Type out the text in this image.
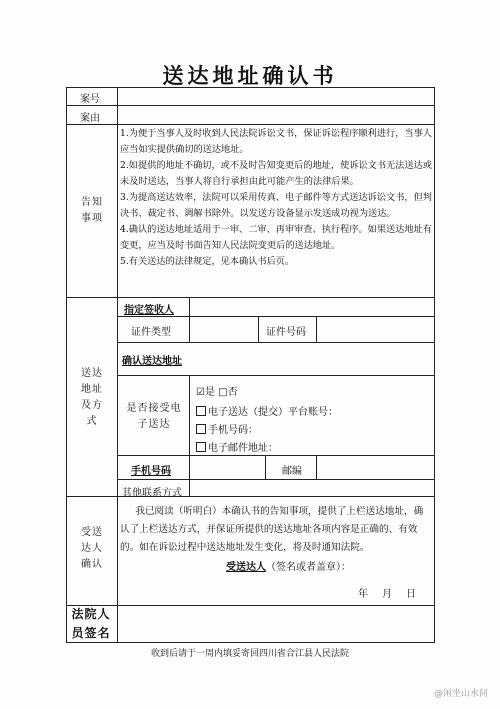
送达地址确认书
案号
案由
告知事项
送达地址及方式
受送达人确认
法院人员签名

1.为便于当事人及时收到人民法院诉讼文书，保证诉讼程序顺利进行，当事人应当如实提供确切的送达地址。

2.如提供的地址不确切，或不及时告知变更后的地址，使诉讼文书无法送达或未及时送达，当事人将自行承担由此可能产生的法律后果。

3.为提高送达效率，法院可以采用传真、电子邮件等方式送达诉讼文书，但判决书、裁定书、调解书除外。以发送方设备显示发送成功视为送达。

4.确认的送达地址适用于一审、二审、再审审查、执行程序。如果送达地址有变更，应当及时书面告知人民法院变更后的送达地址。

5.有关送达的法律规定，见本确认书后页。

指定签收人
证件类型	证件号码
确认送达地址
是否接受电子送达
☑是 □否
电子送达（提交）平台账号：
手机号码：
电子邮件地址：
手机号码	邮编
其他联系方式
我已阅读（听明白）本确认书的告知事项，提供了上栏送达地址，确认了上栏送达方式，并保证所提供的送达地址各项内容是正确的、有效的。如在诉讼过程中送达地址发生变化，将及时通知法院。
受送达人（签名或者盖章）：
年　月　日
收到后请于一周内填妥寄回四川省合江县人民法院
@闲坐山水间
